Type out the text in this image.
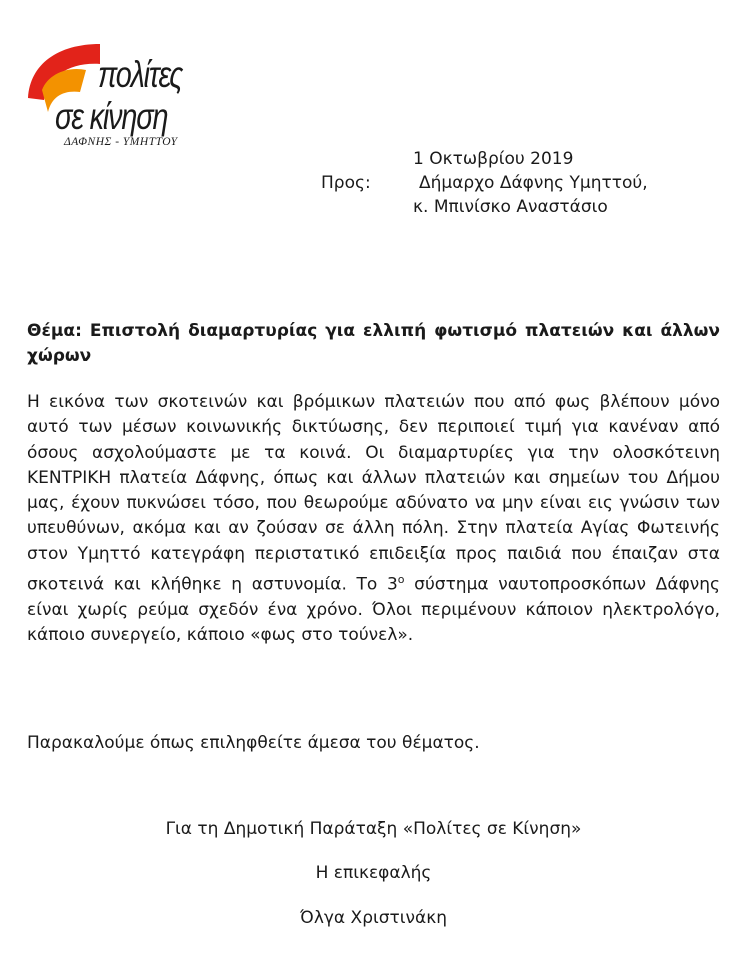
πολίτες
σε κίνηση
ΔΑΦΝΗΣ - ΥΜΗΤΤΟΥ
1 Οκτωβρίου 2019
Προς:	Δήμαρχο Δάφνης Υμηττού,
κ. Μπινίσκο Αναστάσιο
Θέμα: Επιστολή διαμαρτυρίας για ελλιπή φωτισμό πλατειών και άλλων χώρων
Η εικόνα των σκοτεινών και βρόμικων πλατειών που από φως βλέπουν μόνο αυτό των μέσων κοινωνικής δικτύωσης, δεν περιποιεί τιμή για κανέναν από όσους ασχολούμαστε με τα κοινά. Οι διαμαρτυρίες για την ολοσκότεινη ΚΕΝΤΡΙΚΗ πλατεία Δάφνης, όπως και άλλων πλατειών και σημείων του Δήμου μας, έχουν πυκνώσει τόσο, που θεωρούμε αδύνατο να μην είναι εις γνώσιν των υπευθύνων, ακόμα και αν ζούσαν σε άλλη πόλη. Στην πλατεία Αγίας Φωτεινής στον Υμηττό κατεγράφη περιστατικό επιδειξία προς παιδιά που έπαιζαν στα σκοτεινά και κλήθηκε η αστυνομία. Το $3^o$ σύστημα ναυτοπροσκόπων Δάφνης είναι χωρίς ρεύμα σχεδόν ένα χρόνο. Όλοι περιμένουν κάποιον ηλεκτρολόγο, κάποιο συνεργείο, κάποιο «φως στο τούνελ».
Παρακαλούμε όπως επιληφθείτε άμεσα του θέματος.
Για τη Δημοτική Παράταξη «Πολίτες σε Κίνηση»
Η επικεφαλής
Όλγα Χριστινάκη
